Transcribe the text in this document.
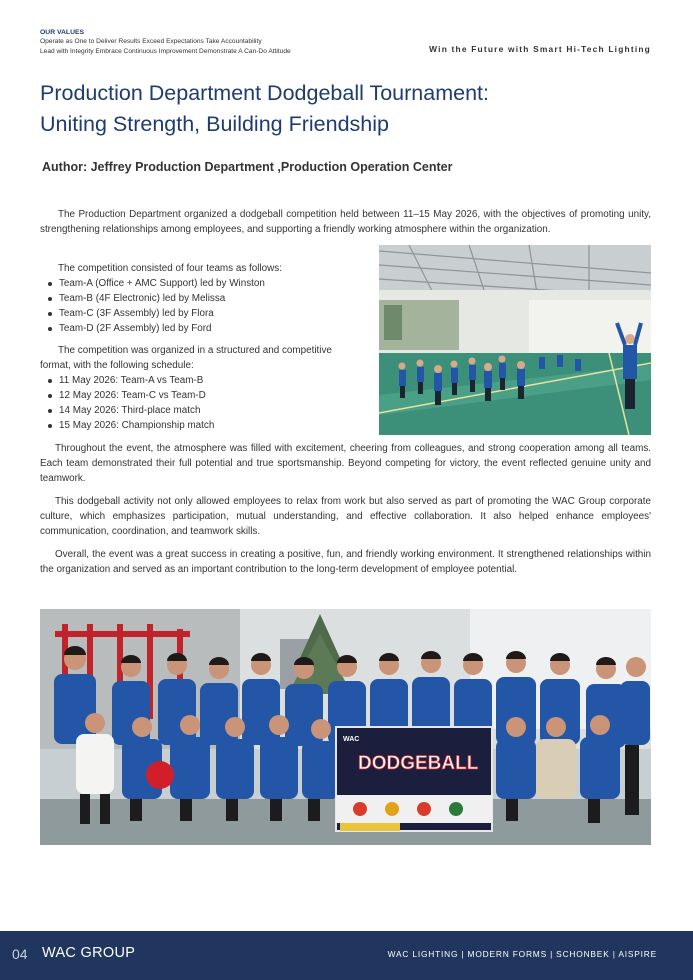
OUR VALUES
Operate as One to Deliver Results Exceed Expectations Take Accountability
Lead with Integrity Embrace Continuous Improvement Demonstrate A Can-Do Attitude	Win the Future with Smart Hi-Tech Lighting
Production Department Dodgeball Tournament:
Uniting Strength, Building Friendship
Author: Jeffrey Production Department ,Production Operation Center

The Production Department organized a dodgeball competition held between 11–15 May 2026, with the objectives of promoting unity, strengthening relationships among employees, and supporting a friendly working atmosphere within the organization.

The competition consisted of four teams as follows:
Team-A (Office + AMC Support) led by Winston
Team-B (4F Electronic) led by Melissa
Team-C (3F Assembly) led by Flora
Team-D (2F Assembly) led by Ford
The competition was organized in a structured and competitive format, with the following schedule:
11 May 2026: Team-A vs Team-B
12 May 2026: Team-C vs Team-D
14 May 2026: Third-place match
15 May 2026: Championship match

Throughout the event, the atmosphere was filled with excitement, cheering from colleagues, and strong cooperation among all teams. Each team demonstrated their full potential and true sportsmanship. Beyond competing for victory, the event reflected genuine unity and teamwork.

This dodgeball activity not only allowed employees to relax from work but also served as part of promoting the WAC Group corporate culture, which emphasizes participation, mutual understanding, and effective collaboration. It also helped enhance employees' communication, coordination, and teamwork skills.

Overall, the event was a great success in creating a positive, fun, and friendly working environment. It strengthened relationships within the organization and served as an important contribution to the long-term development of employee potential.

WAC
DODGEBALL
04 WAC GROUP	WAC LIGHTING | MODERN FORMS | SCHONBEK | AISPIRE
